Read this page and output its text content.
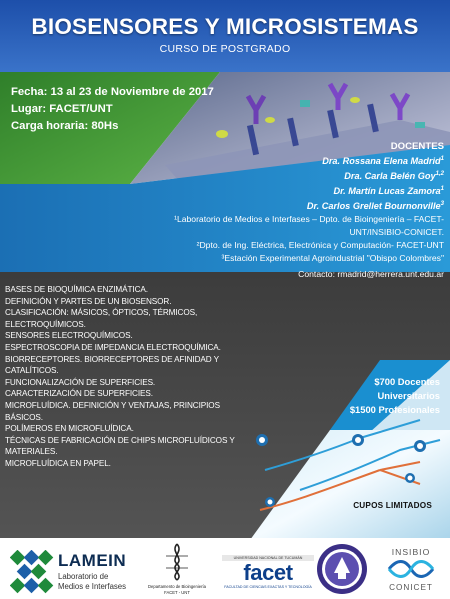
BIOSENSORES Y MICROSISTEMAS
CURSO DE POSTGRADO
Fecha: 13 al 23 de Noviembre de 2017
Lugar: FACET/UNT
Carga horaria: 80Hs
DOCENTES
Dra. Rossana Elena Madrid$^1$
Dra. Carla Belén Goy$^{1,2}$
Dr. Martín Lucas Zamora$^1$
Dr. Carlos Grellet Bournonville$^3$
¹Laboratorio de Medios e Interfases – Dpto. de Bioingeniería – FACET-UNT/INSIBIO-CONICET.
²Dpto. de Ing. Eléctrica, Electrónica y Computación- FACET-UNT
³Estación Experimental Agroindustrial "Obispo Colombres"
Contacto: rmadrid@herrera.unt.edu.ar
BASES DE BIOQUÍMICA ENZIMÁTICA.
DEFINICIÓN Y PARTES DE UN BIOSENSOR.
CLASIFICACIÓN: MÁSICOS, ÓPTICOS, TÉRMICOS, ELECTROQUÍMICOS.
SENSORES ELECTROQUÍMICOS.
ESPECTROSCOPIA DE IMPEDANCIA ELECTROQUÍMICA.
BIORRECEPTORES. BIORRECEPTORES DE AFINIDAD Y CATALÍTICOS.
FUNCIONALIZACIÓN DE SUPERFICIES.
CARACTERIZACIÓN DE SUPERFICIES.
MICROFLUÍDICA. DEFINICIÓN Y VENTAJAS, PRINCIPIOS BÁSICOS.
POLÍMEROS EN MICROFLUÍDICA.
TÉCNICAS DE FABRICACIÓN DE CHIPS MICROFLUÍDICOS Y MATERIALES.
MICROFLUÍDICA EN PAPEL.
$700 Docentes
Universitarios
$1500 Profesionales
CUPOS LIMITADOS
LAMEIN
Laboratorio de
Medios e Interfases	Departamento de Bioingeniería
FACET - UNT
UNIVERSIDAD NACIONAL DE TUCUMÁN
facet
FACULTAD DE CIENCIAS EXACTAS Y TECNOLOGÍA
INSIBIO
CONICET
